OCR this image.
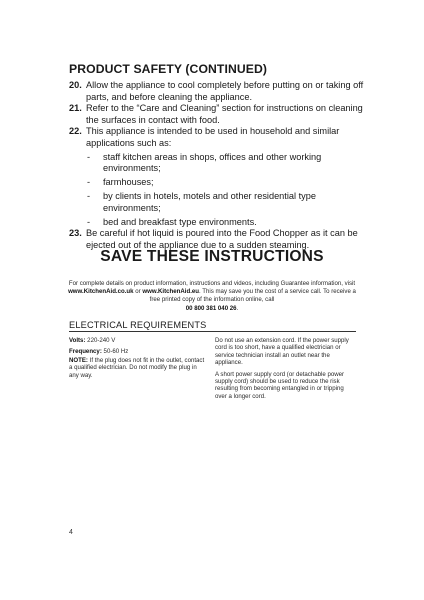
PRODUCT SAFETY (CONTINUED)
20. Allow the appliance to cool completely before putting on or taking off parts, and before cleaning the appliance.
21. Refer to the “Care and Cleaning” section for instructions on cleaning the surfaces in contact with food.
22. This appliance is intended to be used in household and similar applications such as:
- staff kitchen areas in shops, offices and other working environments;
- farmhouses;
- by clients in hotels, motels and other residential type environments;
- bed and breakfast type environments.
23. Be careful if hot liquid is poured into the Food Chopper as it can be ejected out of the appliance due to a sudden steaming.
SAVE THESE INSTRUCTIONS
For complete details on product information, instructions and videos, including Guarantee information, visit www.KitchenAid.co.uk or www.KitchenAid.eu. This may save you the cost of a service call. To receive a free printed copy of the information online, call
00 800 381 040 26.
ELECTRICAL REQUIREMENTS

Volts: 220-240 V

Frequency: 50-60 Hz

NOTE: If the plug does not fit in the outlet, contact a qualified electrician. Do not modify the plug in any way.

Do not use an extension cord. If the power supply cord is too short, have a qualified electrician or service technician install an outlet near the appliance.

A short power supply cord (or detachable power supply cord) should be used to reduce the risk resulting from becoming entangled in or tripping over a longer cord.

4
